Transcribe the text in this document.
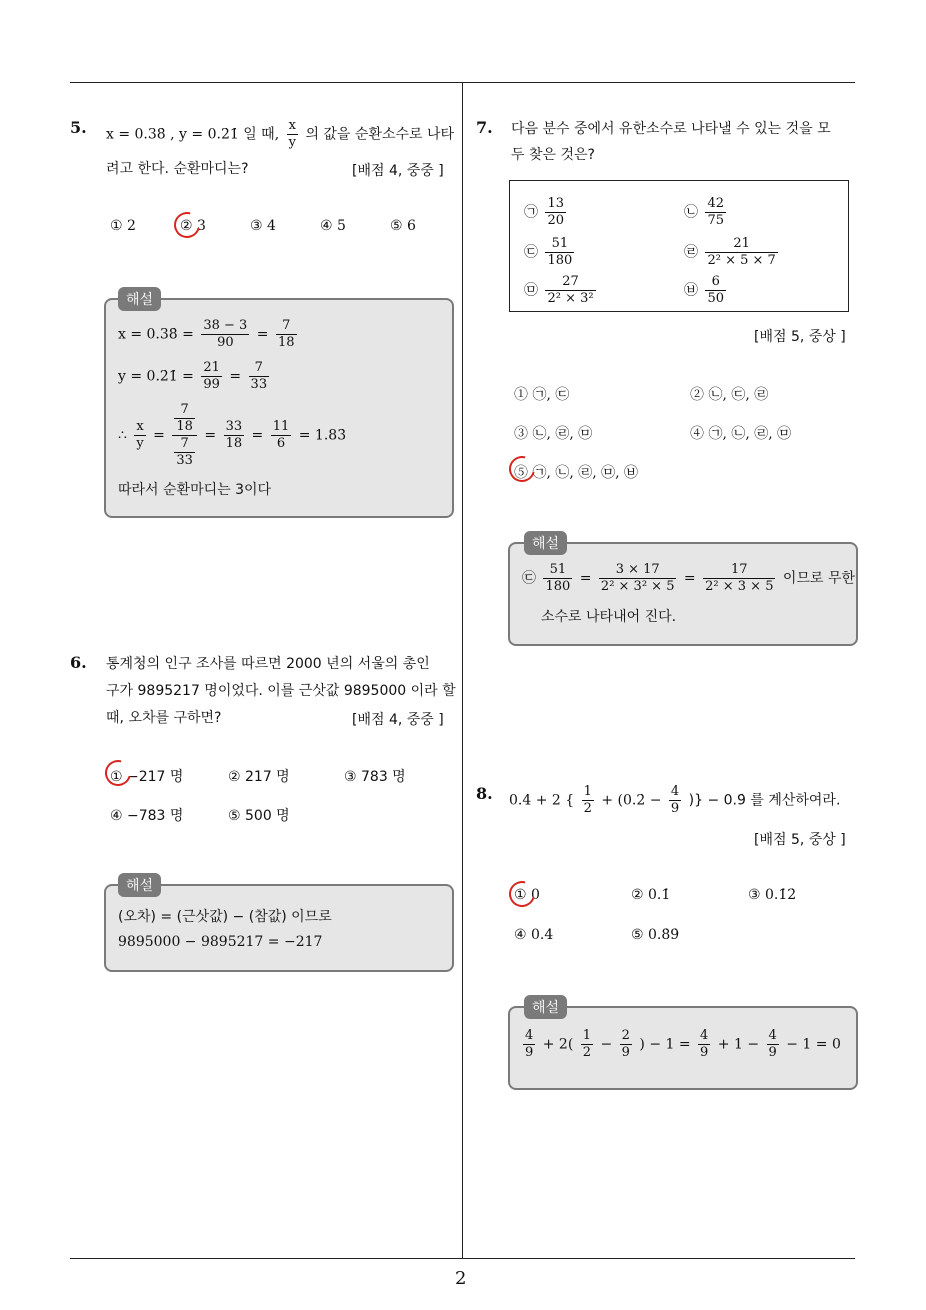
2
5. x = 0.38̇ , y = 0.2̇1̇ 일 때, $\frac{x}{y}$ 의 값을 순환소수로 나타
려고 한다. 순환마디는?	[배점 4, 중중 ]
① 2	② 3	③ 4	④ 5	⑤ 6
해설
x = 0.38̇ = $\frac{38 - 3}{90} = \frac{7}{18}$
y = 0.2̇1̇ = $\frac{21}{99} = \frac{7}{33}$
∴ $\frac{x}{y} = \frac{\frac{7}{18}}{\frac{7}{33}} = \frac{33}{18} = \frac{11}{6}$ = 1.83̇
따라서 순환마디는 3이다
6. 통계청의 인구 조사를 따르면 2000 년의 서울의 총인
구가 9895217 명이었다. 이를 근삿값 9895000 이라 할
때, 오차를 구하면?	[배점 4, 중중 ]
① −217 명	② 217 명	③ 783 명
④ −783 명	⑤ 500 명
해설
(오차) = (근삿값) − (참값) 이므로
9895000 − 9895217 = −217
7. 다음 분수 중에서 유한소수로 나타낼 수 있는 것을 모
두 찾은 것은?
㉠ $\frac{13}{20}$	㉡ $\frac{42}{75}$
㉢ $\frac{51}{180}$	㉣ $\frac{21}{\text{2² × 5 × 7}}$
㉤ $\frac{27}{\text{2² × 3²}}$	㉥ $\frac{6}{50}$
[배점 5, 중상 ]
① ㉠, ㉢	② ㉡, ㉢, ㉣
③ ㉡, ㉣, ㉤	④ ㉠, ㉡, ㉣, ㉤
⑤ ㉠, ㉡, ㉣, ㉤, ㉥
해설
㉢ $\frac{51}{180} = \frac{3 \times 17}{\text{2² × 3² × 5}} = \frac{17}{\text{2² × 3 × 5}}$ 이므로 무한
소수로 나타내어 진다.
8. 0.4̇ + 2 { $\frac{1}{2}$ + (0.2̇ − $\frac{4}{9}$ )} − 0.9̇ 를 계산하여라.
[배점 5, 중상 ]
① 0	② 0.1̇	③ 0.1̇2̇
④ 0.4̇	⑤ 0.8̇9̇
해설
$\frac{4}{9} + 2( \frac{1}{2} - \frac{2}{9}$ ) − $1 = \frac{4}{9} + 1 - \frac{4}{9} - 1 = 0$
